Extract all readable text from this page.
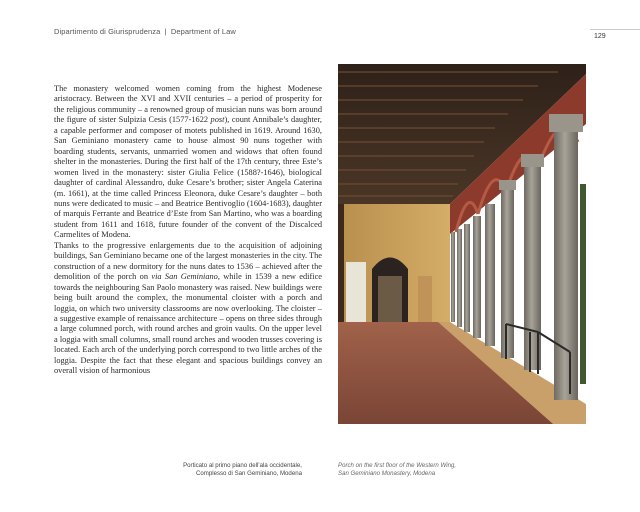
Dipartimento di Giurisprudenza | Department of Law
129

The monastery welcomed women coming from the highest Modenese aristocracy. Between the XVI and XVII centuries – a period of prosperity for the religious community – a renowned group of musician nuns was born around the figure of sister Sulpizia Cesis (1577-1622 post), count Annibale’s daughter, a capable performer and composer of motets published in 1619. Around 1630, San Geminiano monastery came to house almost 90 nuns together with boarding students, servants, unmarried women and widows that often found shelter in the monasteries. During the first half of the 17th century, three Este’s women lived in the monastery: sister Giulia Felice (1588?-1646), biological daughter of cardinal Alessandro, duke Cesare’s brother; sister Angela Caterina (m. 1661), at the time called Princess Eleonora, duke Cesare’s daughter – both nuns were dedicated to music – and Beatrice Bentivoglio (1604-1683), daughter of marquis Ferrante and Beatrice d’Este from San Martino, who was a boarding student from 1611 and 1618, future founder of the convent of the Discalced Carmelites of Modena.

Thanks to the progressive enlargements due to the acquisition of adjoining buildings, San Geminiano became one of the largest monasteries in the city. The construction of a new dormitory for the nuns dates to 1536 – achieved after the demolition of the porch on via San Geminiano, while in 1539 a new edifice towards the neighbouring San Paolo monastery was raised. New buildings were being built around the complex, the monumental cloister with a porch and loggia, on which two university classrooms are now overlooking. The cloister – a suggestive example of renaissance architecture – opens on three sides through a large columned porch, with round arches and groin vaults. On the upper level a loggia with small columns, small round arches and wooden trusses covering is located. Each arch of the underlying porch correspond to two little arches of the loggia. Despite the fact that these elegant and spacious buildings convey an overall vision of harmonious

Porticato al primo piano dell’ala occidentale,
Complesso di San Geminiano, Modena
Porch on the first floor of the Western Wing,
San Geminiano Monastery, Modena
